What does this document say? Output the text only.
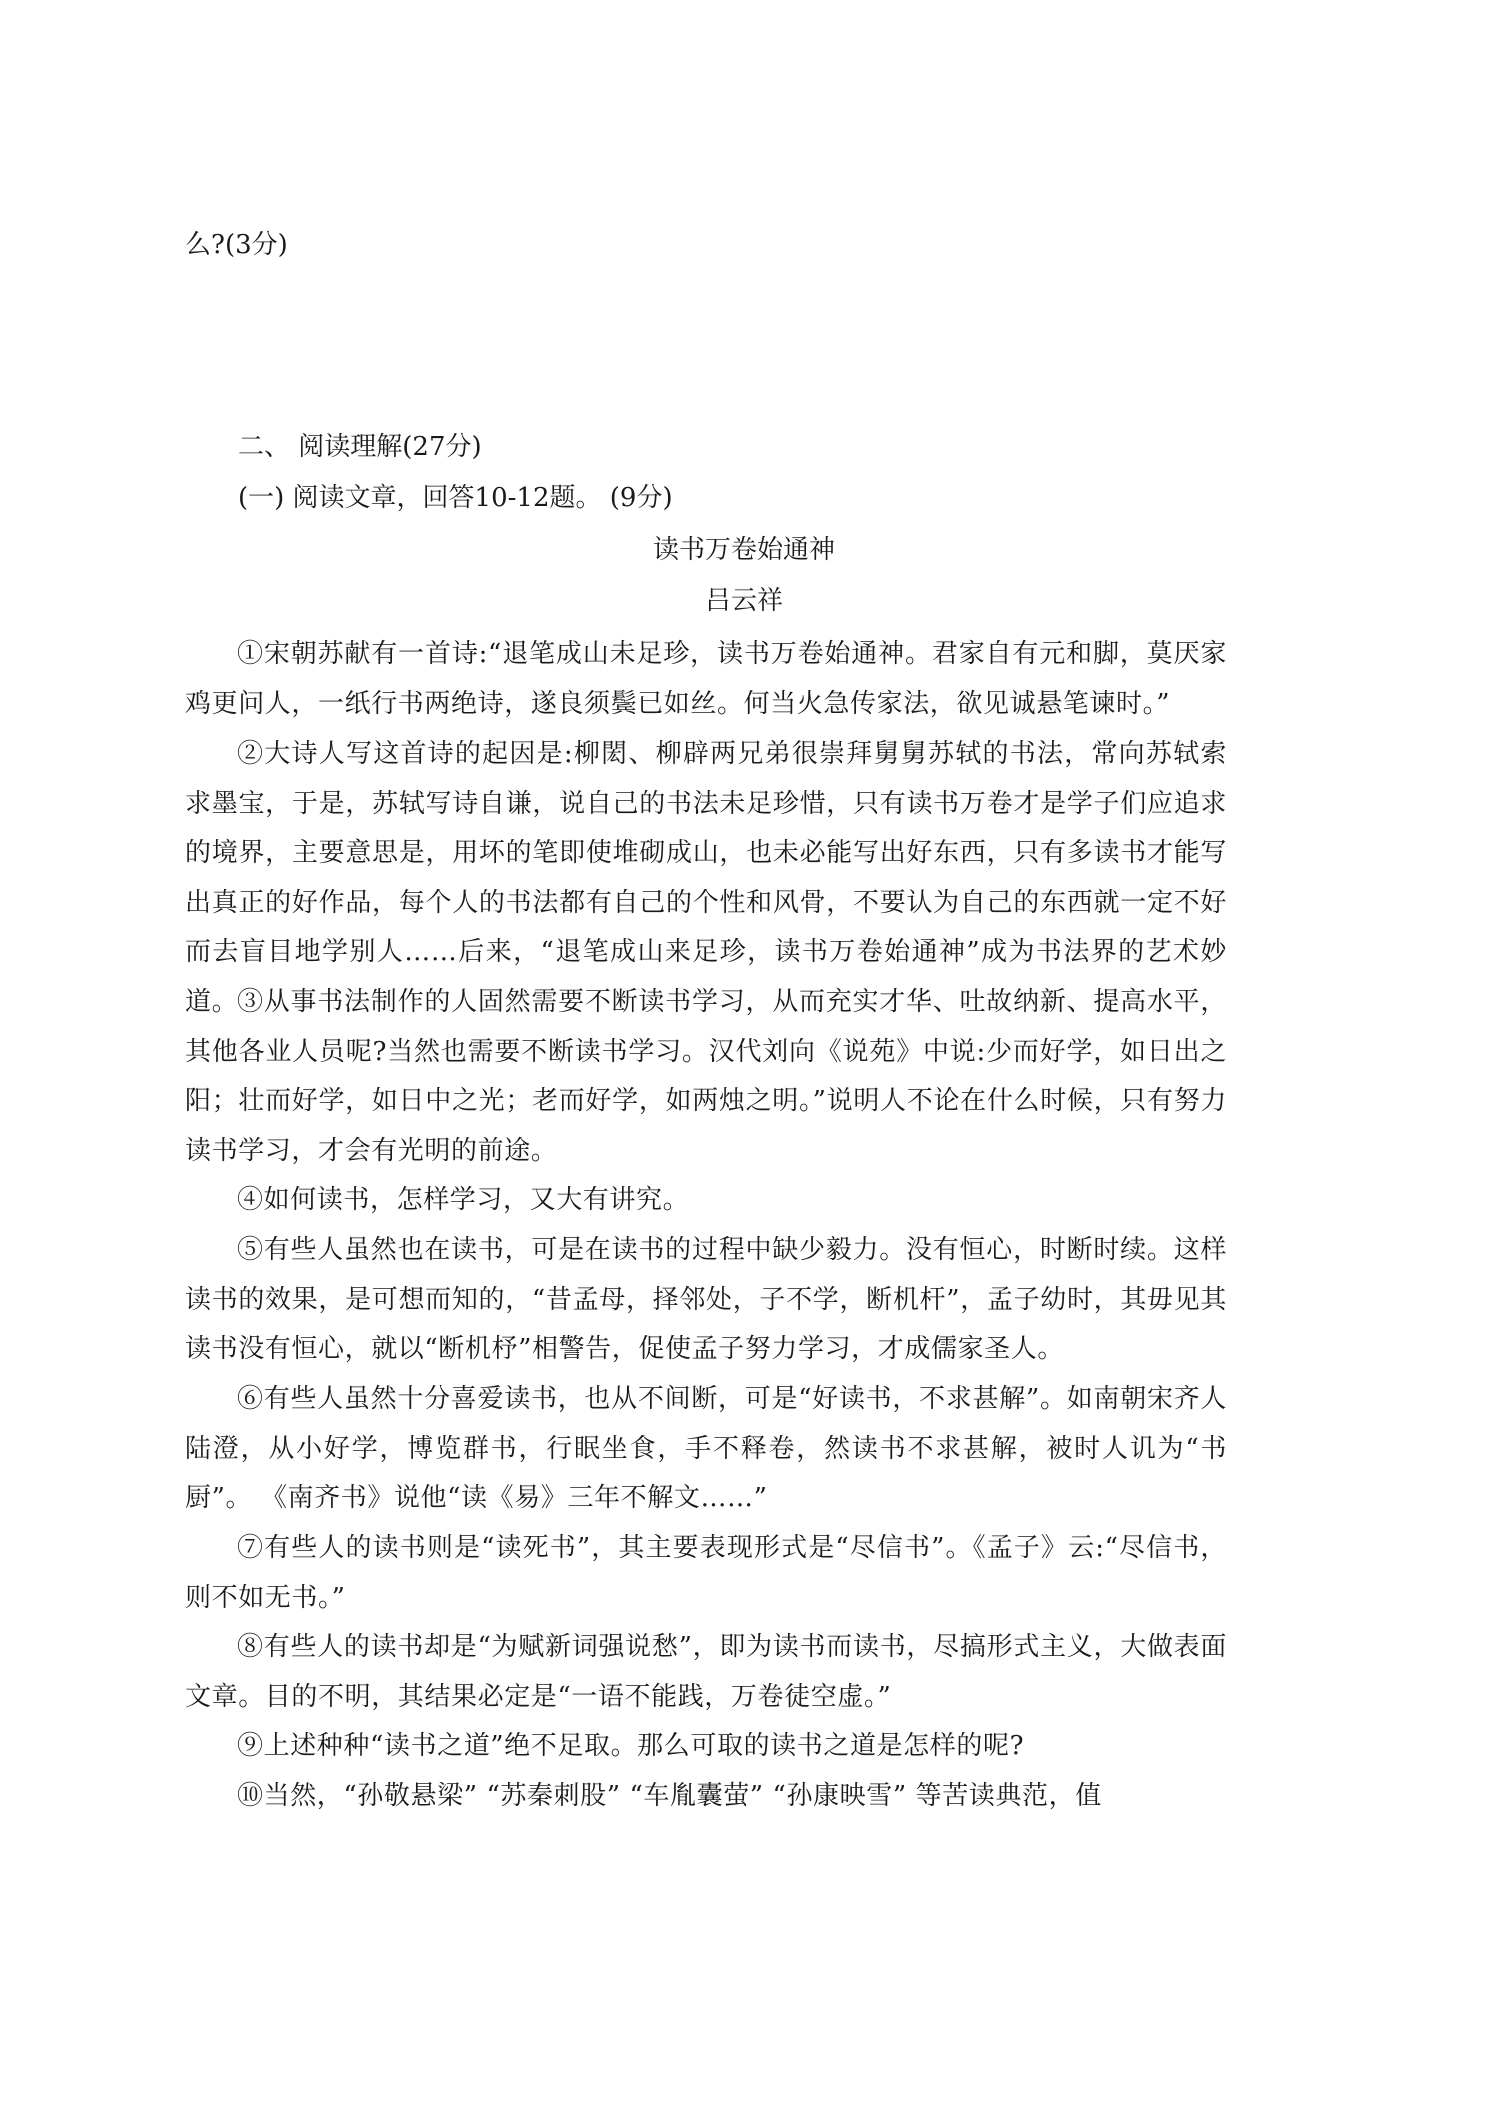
么?(3分)
二、 阅读理解(27分)
(一) 阅读文章，回答10-12题。 (9分)
读书万卷始通神
吕云祥
①宋朝苏献有一首诗:“退笔成山未足珍，读书万卷始通神。君家自有元和脚，莫厌家鸡更问人，一纸行书两绝诗，遂良须鬓已如丝。何当火急传家法，欲见诚悬笔谏时。”
②大诗人写这首诗的起因是:柳閎、柳辟两兄弟很崇拜舅舅苏轼的书法，常向苏轼索求墨宝，于是，苏轼写诗自谦，说自己的书法未足珍惜，只有读书万卷才是学子们应追求的境界，主要意思是，用坏的笔即使堆砌成山，也未必能写出好东西，只有多读书才能写出真正的好作品，每个人的书法都有自己的个性和风骨，不要认为自己的东西就一定不好而去盲目地学别人……后来，“退笔成山来足珍，读书万卷始通神”成为书法界的艺术妙道。
③从事书法制作的人固然需要不断读书学习，从而充实才华、吐故纳新、提高水平，其他各业人员呢?当然也需要不断读书学习。汉代刘向《说苑》中说:少而好学，如日出之阳；壮而好学，如日中之光；老而好学，如两烛之明。”说明人不论在什么时候，只有努力读书学习，才会有光明的前途。
④如何读书，怎样学习，又大有讲究。
⑤有些人虽然也在读书，可是在读书的过程中缺少毅力。没有恒心，时断时续。这样读书的效果，是可想而知的，“昔孟母，择邻处，子不学，断机杆”，孟子幼时，其毋见其读书没有恒心，就以“断机杼”相警告，促使孟子努力学习，才成儒家圣人。
⑥有些人虽然十分喜爱读书，也从不间断，可是“好读书，不求甚解”。如南朝宋齐人陆澄，从小好学，博览群书，行眠坐食，手不释卷，然读书不求甚解，被时人讥为“书厨”。 《南齐书》说他“读《易》三年不解文……”
⑦有些人的读书则是“读死书”，其主要表现形式是“尽信书”。《孟子》云:“尽信书，则不如无书。”
⑧有些人的读书却是“为赋新词强说愁”，即为读书而读书，尽搞形式主义，大做表面文章。目的不明，其结果必定是“一语不能践，万卷徒空虚。”
⑨上述种种“读书之道”绝不足取。那么可取的读书之道是怎样的呢?
⑩当然，“孙敬悬梁” “苏秦刺股” “车胤囊萤” “孙康映雪” 等苦读典范，值
